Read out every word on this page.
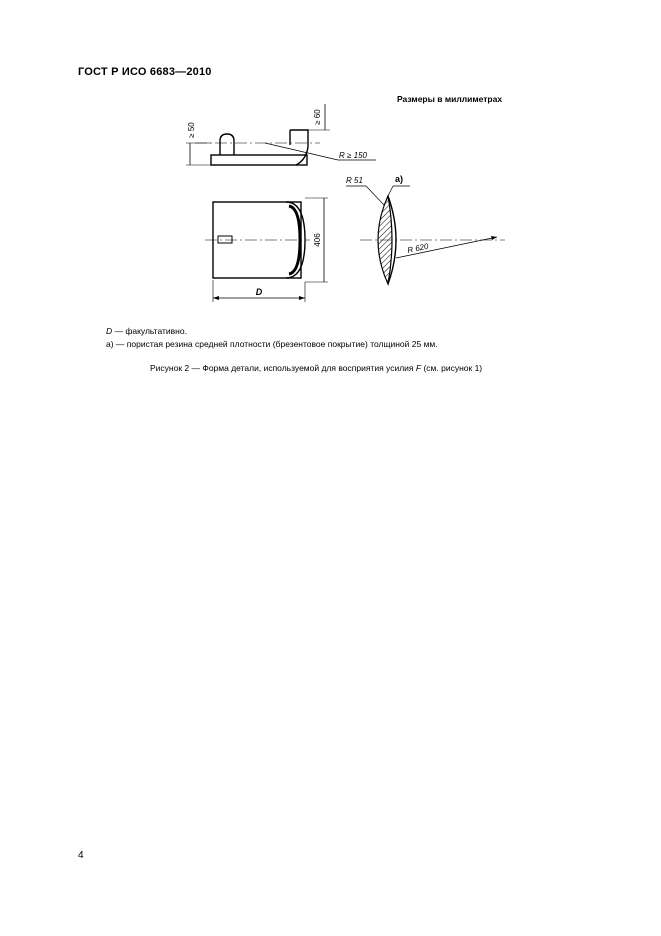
ГОСТ Р ИСО 6683—2010
Размеры в миллиметрах
≥ 50
≥ 60
R ≥ 150
406
D
R 620
R 51	a)
D — факультативно.
a) — пористая резина средней плотности (брезентовое покрытие) толщиной 25 мм.
Рисунок 2 — Форма детали, используемой для восприятия усилия F (см. рисунок 1)
4
